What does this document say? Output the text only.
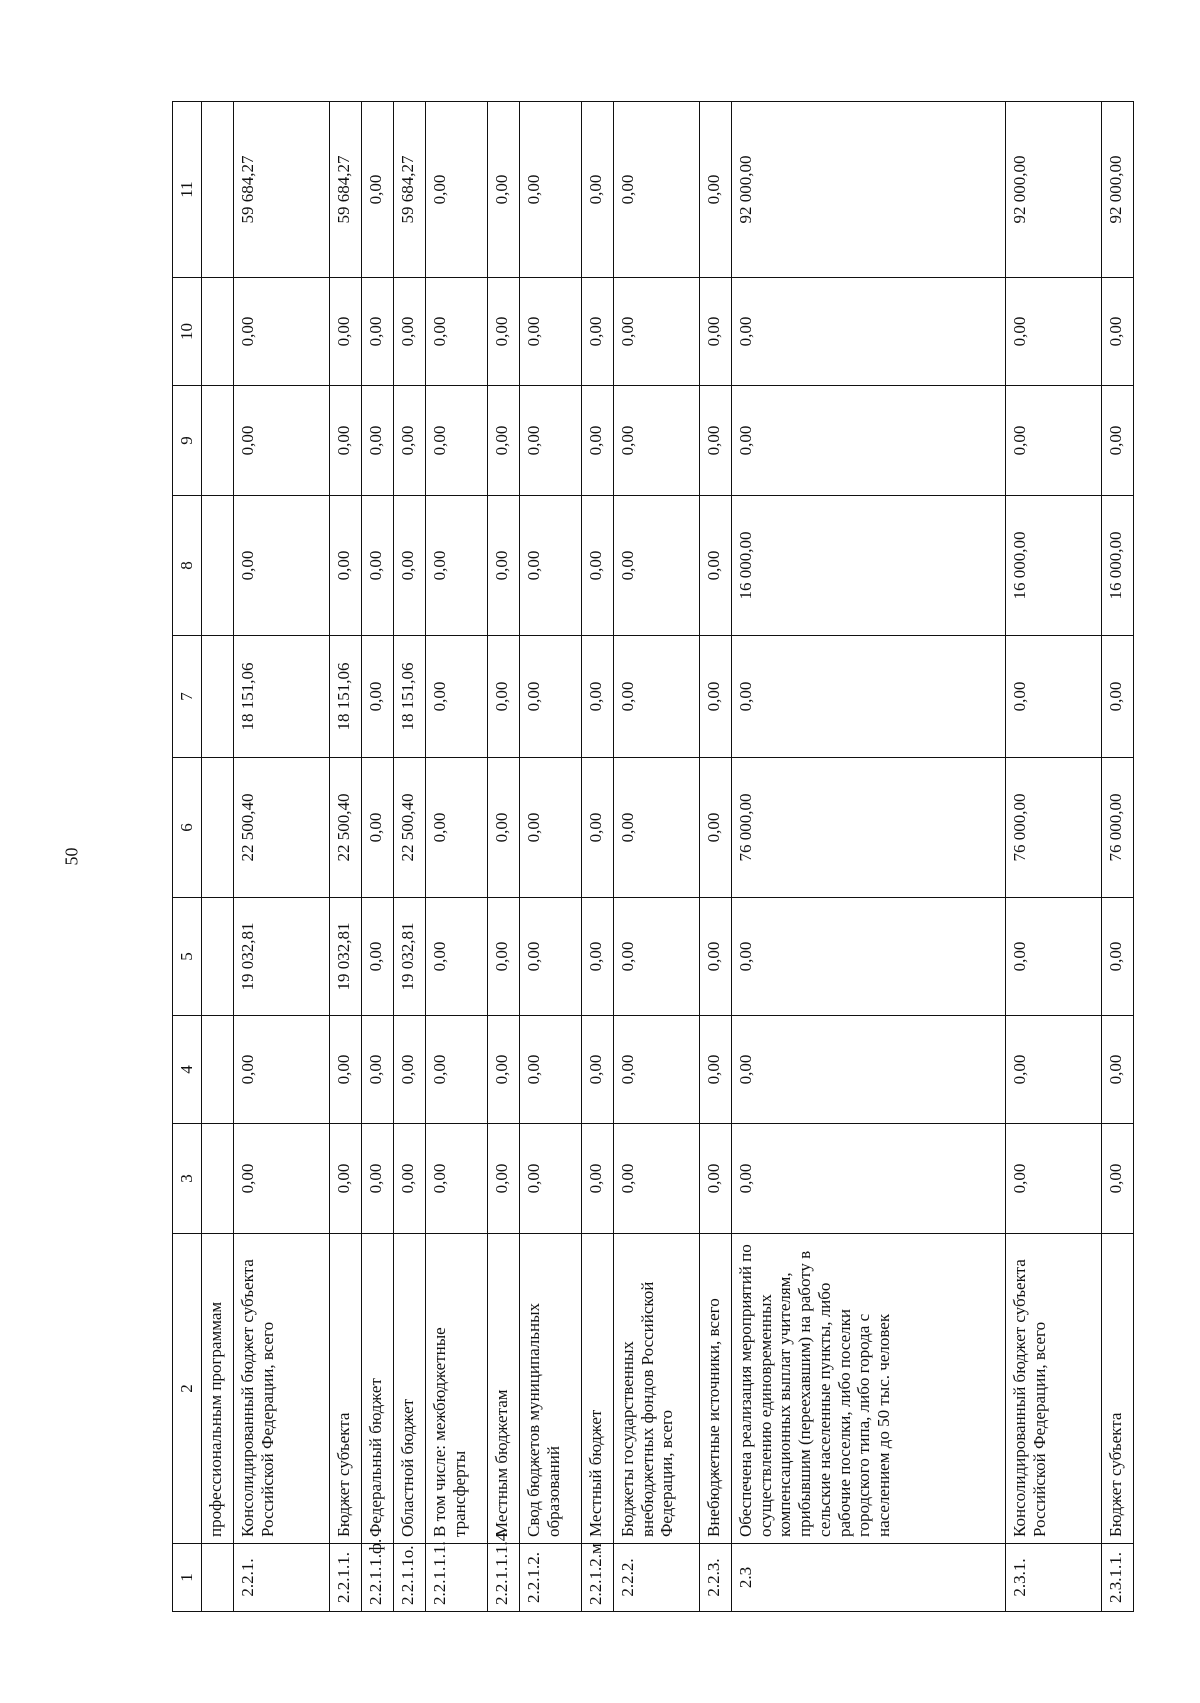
50
1	2	3	4	5	6	7	8	9	10	11
	профессиональным программам									
2.2.1.	Консолидированный бюджет субъекта Российской Федерации, всего	0,00	0,00	19 032,81	22 500,40	18 151,06	0,00	0,00	0,00	59 684,27
2.2.1.1.	Бюджет субъекта	0,00	0,00	19 032,81	22 500,40	18 151,06	0,00	0,00	0,00	59 684,27
2.2.1.1.ф.	Федеральный бюджет	0,00	0,00	0,00	0,00	0,00	0,00	0,00	0,00	0,00
2.2.1.1о.	Областной бюджет	0,00	0,00	19 032,81	22 500,40	18 151,06	0,00	0,00	0,00	59 684,27
2.2.1.1.1.	В том числе: межбюджетные трансферты	0,00	0,00	0,00	0,00	0,00	0,00	0,00	0,00	0,00
2.2.1.1.1.4.	Местным бюджетам	0,00	0,00	0,00	0,00	0,00	0,00	0,00	0,00	0,00
2.2.1.2.	Свод бюджетов муниципальных образований	0,00	0,00	0,00	0,00	0,00	0,00	0,00	0,00	0,00
2.2.1.2.м	Местный бюджет	0,00	0,00	0,00	0,00	0,00	0,00	0,00	0,00	0,00
2.2.2.	Бюджеты государственных внебюджетных фондов Российской Федерации, всего	0,00	0,00	0,00	0,00	0,00	0,00	0,00	0,00	0,00
2.2.3.	Внебюджетные источники, всего	0,00	0,00	0,00	0,00	0,00	0,00	0,00	0,00	0,00
2.3	Обеспечена реализация мероприятий по осуществлению единовременных компенсационных выплат учителям, прибывшим (переехавшим) на работу в сельские населенные пункты, либо рабочие поселки, либо поселки городского типа, либо города с населением до 50 тыс. человек	0,00	0,00	0,00	76 000,00	0,00	16 000,00	0,00	0,00	92 000,00
2.3.1.	Консолидированный бюджет субъекта Российской Федерации, всего	0,00	0,00	0,00	76 000,00	0,00	16 000,00	0,00	0,00	92 000,00
2.3.1.1.	Бюджет субъекта	0,00	0,00	0,00	76 000,00	0,00	16 000,00	0,00	0,00	92 000,00
